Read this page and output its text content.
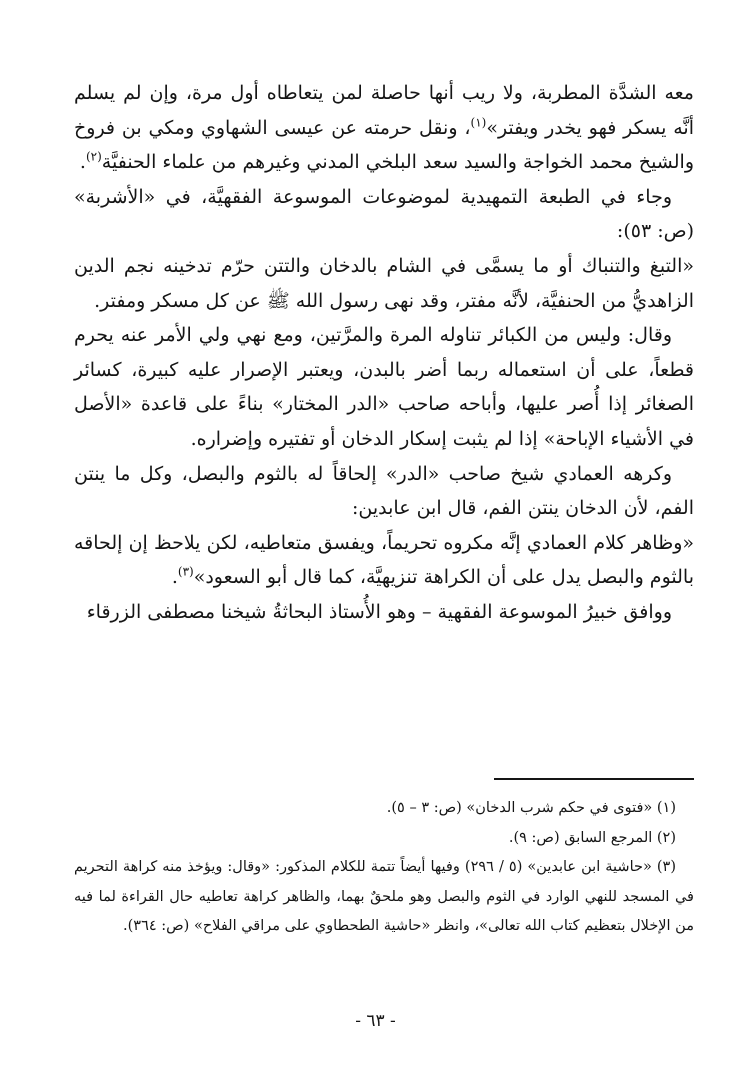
معه الشدَّة المطربة، ولا ريب أنها حاصلة لمن يتعاطاه أول مرة، وإن لم يسلم أنَّه يسكر فهو يخدر ويفتر»$^{(١)}$، ونقل حرمته عن عيسى الشهاوي ومكي بن فروخ والشيخ محمد الخواجة والسيد سعد البلخي المدني وغيرهم من علماء الحنفيَّة$^{(٢)}$.

وجاء في الطبعة التمهيدية لموضوعات الموسوعة الفقهيَّة، في «الأشربة» (ص: ٥٣):

«التبغ والتنباك أو ما يسمَّى في الشام بالدخان والتتن حرّم تدخينه نجم الدين الزاهديُّ من الحنفيَّة، لأنَّه مفتر، وقد نهى رسول الله ﷺ عن كل مسكر ومفتر.

وقال: وليس من الكبائر تناوله المرة والمرَّتين، ومع نهي ولي الأمر عنه يحرم قطعاً، على أن استعماله ربما أضر بالبدن، ويعتبر الإصرار عليه كبيرة، كسائر الصغائر إذا أُصر عليها، وأباحه صاحب «الدر المختار» بناءً على قاعدة «الأصل في الأشياء الإباحة» إذا لم يثبت إسكار الدخان أو تفتيره وإضراره.

وكرهه العمادي شيخ صاحب «الدر» إلحاقاً له بالثوم والبصل، وكل ما ينتن الفم، لأن الدخان ينتن الفم، قال ابن عابدين:

«وظاهر كلام العمادي إنَّه مكروه تحريماً، ويفسق متعاطيه، لكن يلاحظ إن إلحاقه بالثوم والبصل يدل على أن الكراهة تنزيهيَّة، كما قال أبو السعود»$^{(٣)}$.

ووافق خبيرُ الموسوعة الفقهية – وهو الأُستاذ البحاثةُ شيخنا مصطفى الزرقاء

(١) «فتوى في حكم شرب الدخان» (ص: ٣ – ٥).

(٢) المرجع السابق (ص: ٩).

(٣) «حاشية ابن عابدين» (٥ / ٢٩٦) وفيها أيضاً تتمة للكلام المذكور: «وقال: ويؤخذ منه كراهة التحريم في المسجد للنهي الوارد في الثوم والبصل وهو ملحقٌ بهما، والظاهر كراهة تعاطيه حال القراءة لما فيه من الإخلال بتعظيم كتاب الله تعالى»، وانظر «حاشية الطحطاوي على مراقي الفلاح» (ص: ٣٦٤).

- ٦٣ -
